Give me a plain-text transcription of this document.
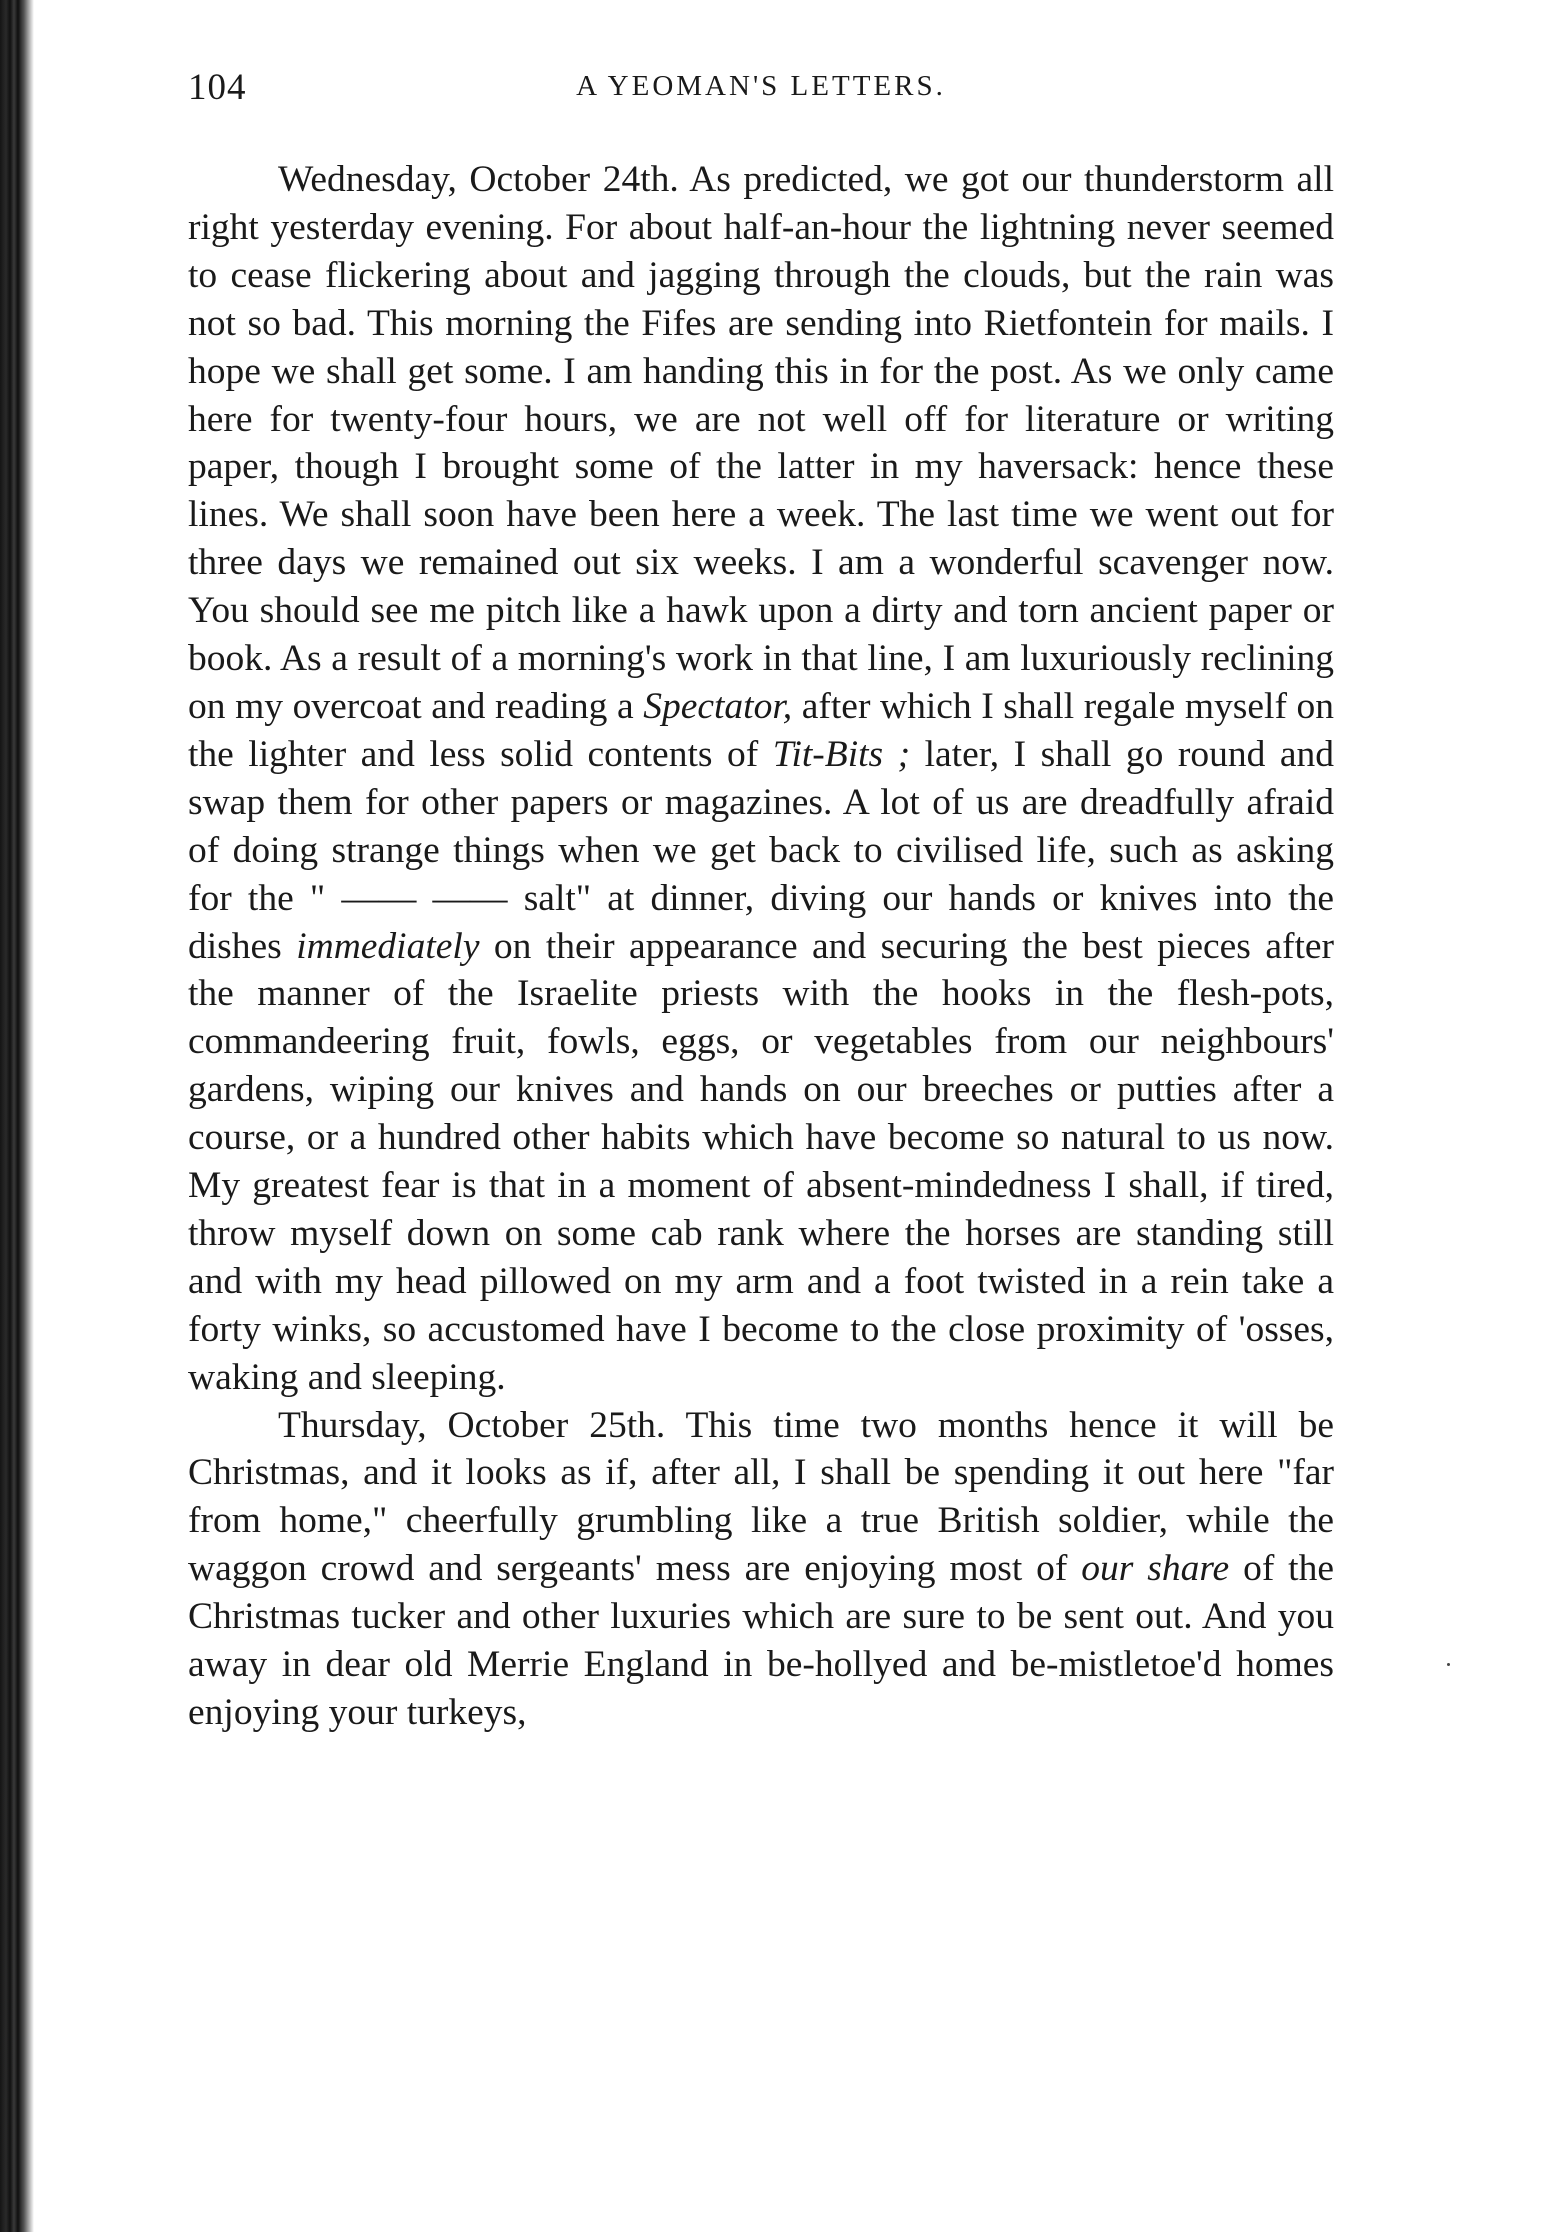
104	A YEOMAN'S LETTERS.

Wednesday, October 24th. As predicted, we got our thunderstorm all right yesterday evening. For about half-an-hour the lightning never seemed to cease flickering about and jagging through the clouds, but the rain was not so bad. This morning the Fifes are sending into Rietfontein for mails. I hope we shall get some. I am handing this in for the post. As we only came here for twenty-four hours, we are not well off for literature or writing paper, though I brought some of the latter in my haversack: hence these lines. We shall soon have been here a week. The last time we went out for three days we remained out six weeks. I am a wonderful scavenger now. You should see me pitch like a hawk upon a dirty and torn ancient paper or book. As a result of a morning's work in that line, I am luxuriously reclining on my overcoat and reading a Spectator, after which I shall regale myself on the lighter and less solid contents of Tit-Bits ; later, I shall go round and swap them for other papers or magazines. A lot of us are dreadfully afraid of doing strange things when we get back to civilised life, such as asking for the " —— —— salt" at dinner, diving our hands or knives into the dishes immediately on their appearance and securing the best pieces after the manner of the Israelite priests with the hooks in the flesh-pots, commandeering fruit, fowls, eggs, or vegetables from our neighbours' gardens, wiping our knives and hands on our breeches or putties after a course, or a hundred other habits which have become so natural to us now. My greatest fear is that in a moment of absent-mindedness I shall, if tired, throw myself down on some cab rank where the horses are standing still and with my head pillowed on my arm and a foot twisted in a rein take a forty winks, so accustomed have I become to the close proximity of 'osses, waking and sleeping.

Thursday, October 25th. This time two months hence it will be Christmas, and it looks as if, after all, I shall be spending it out here "far from home," cheerfully grumbling like a true British soldier, while the waggon crowd and sergeants' mess are enjoying most of our share of the Christmas tucker and other luxuries which are sure to be sent out. And you away in dear old Merrie England in be-hollyed and be-mistletoe'd homes enjoying your turkeys,
